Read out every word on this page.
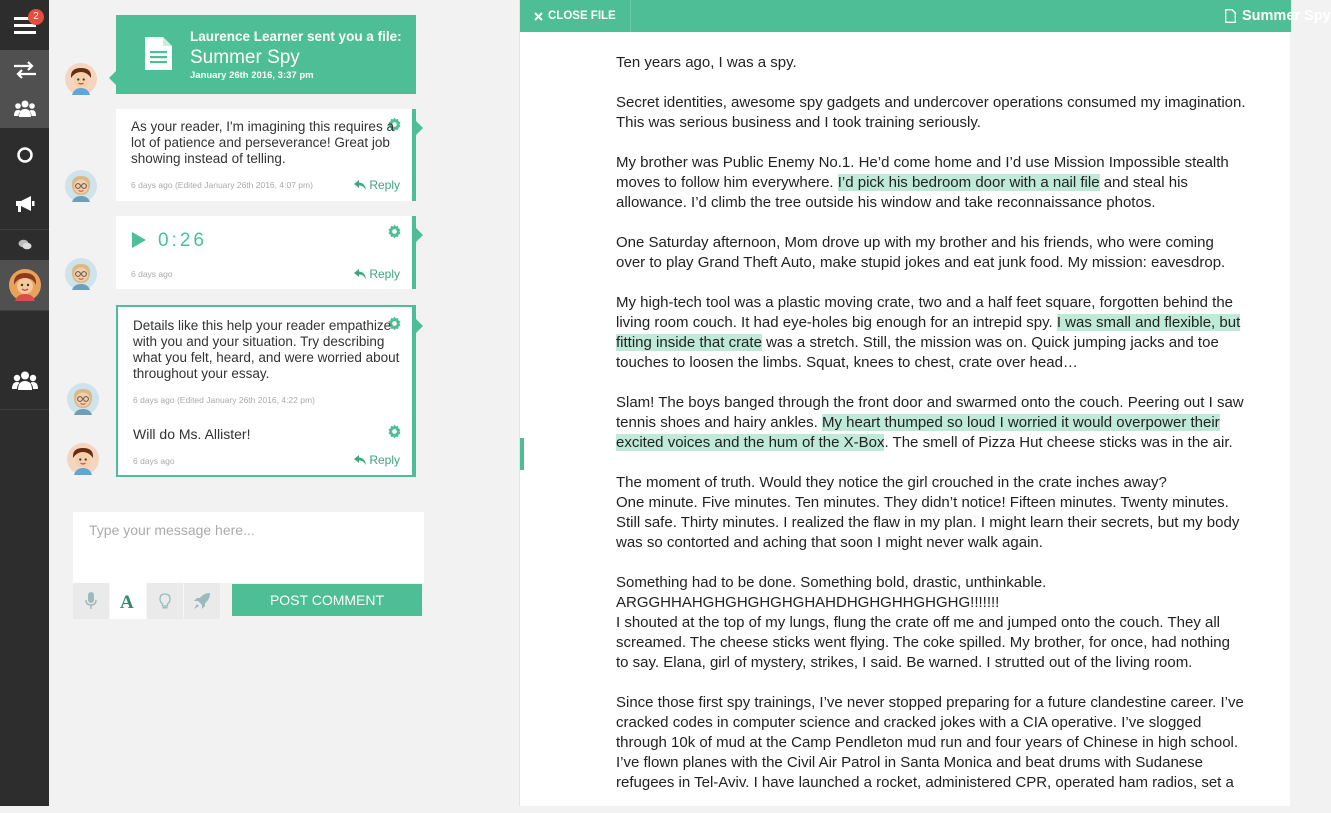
2
Laurence Learner sent you a file:
Summer Spy
January 26th 2016, 3:37 pm
As your reader, I'm imagining this requires a lot of patience and perseverance! Great job showing instead of telling.
6 days ago (Edited January 26th 2016, 4:07 pm)	Reply
0:26
6 days ago	Reply
Details like this help your reader empathize with you and your situation. Try describing what you felt, heard, and were worried about throughout your essay.
6 days ago (Edited January 26th 2016, 4:22 pm)
Will do Ms. Allister!
6 days ago	Reply
Type your message here...
A	POST COMMENT
CLOSE FILE	Summer Spy

Ten years ago, I was a spy.

Secret identities, awesome spy gadgets and undercover operations consumed my imagination. This was serious business and I took training seriously.

My brother was Public Enemy No.1. He’d come home and I’d use Mission Impossible stealth moves to follow him everywhere. I’d pick his bedroom door with a nail file and steal his allowance. I’d climb the tree outside his window and take reconnaissance photos.

One Saturday afternoon, Mom drove up with my brother and his friends, who were coming over to play Grand Theft Auto, make stupid jokes and eat junk food. My mission: eavesdrop.

My high-tech tool was a plastic moving crate, two and a half feet square, forgotten behind the living room couch. It had eye-holes big enough for an intrepid spy. I was small and flexible, but fitting inside that crate was a stretch. Still, the mission was on. Quick jumping jacks and toe touches to loosen the limbs. Squat, knees to chest, crate over head…

Slam! The boys banged through the front door and swarmed onto the couch. Peering out I saw tennis shoes and hairy ankles. My heart thumped so loud I worried it would overpower their excited voices and the hum of the X-Box. The smell of Pizza Hut cheese sticks was in the air.

The moment of truth. Would they notice the girl crouched in the crate inches away?
One minute. Five minutes. Ten minutes. They didn’t notice! Fifteen minutes. Twenty minutes. Still safe. Thirty minutes. I realized the flaw in my plan. I might learn their secrets, but my body was so contorted and aching that soon I might never walk again.

Something had to be done. Something bold, drastic, unthinkable.
ARGGHHAHGHGHGHGHGHAHDHGHGHHGHGHG!!!!!!!
I shouted at the top of my lungs, flung the crate off me and jumped onto the couch. They all screamed. The cheese sticks went flying. The coke spilled. My brother, for once, had nothing to say. Elana, girl of mystery, strikes, I said. Be warned. I strutted out of the living room.

Since those first spy trainings, I’ve never stopped preparing for a future clandestine career. I’ve cracked codes in computer science and cracked jokes with a CIA operative. I’ve slogged through 10k of mud at the Camp Pendleton mud run and four years of Chinese in high school. I’ve flown planes with the Civil Air Patrol in Santa Monica and beat drums with Sudanese refugees in Tel-Aviv. I have launched a rocket, administered CPR, operated ham radios, set a
